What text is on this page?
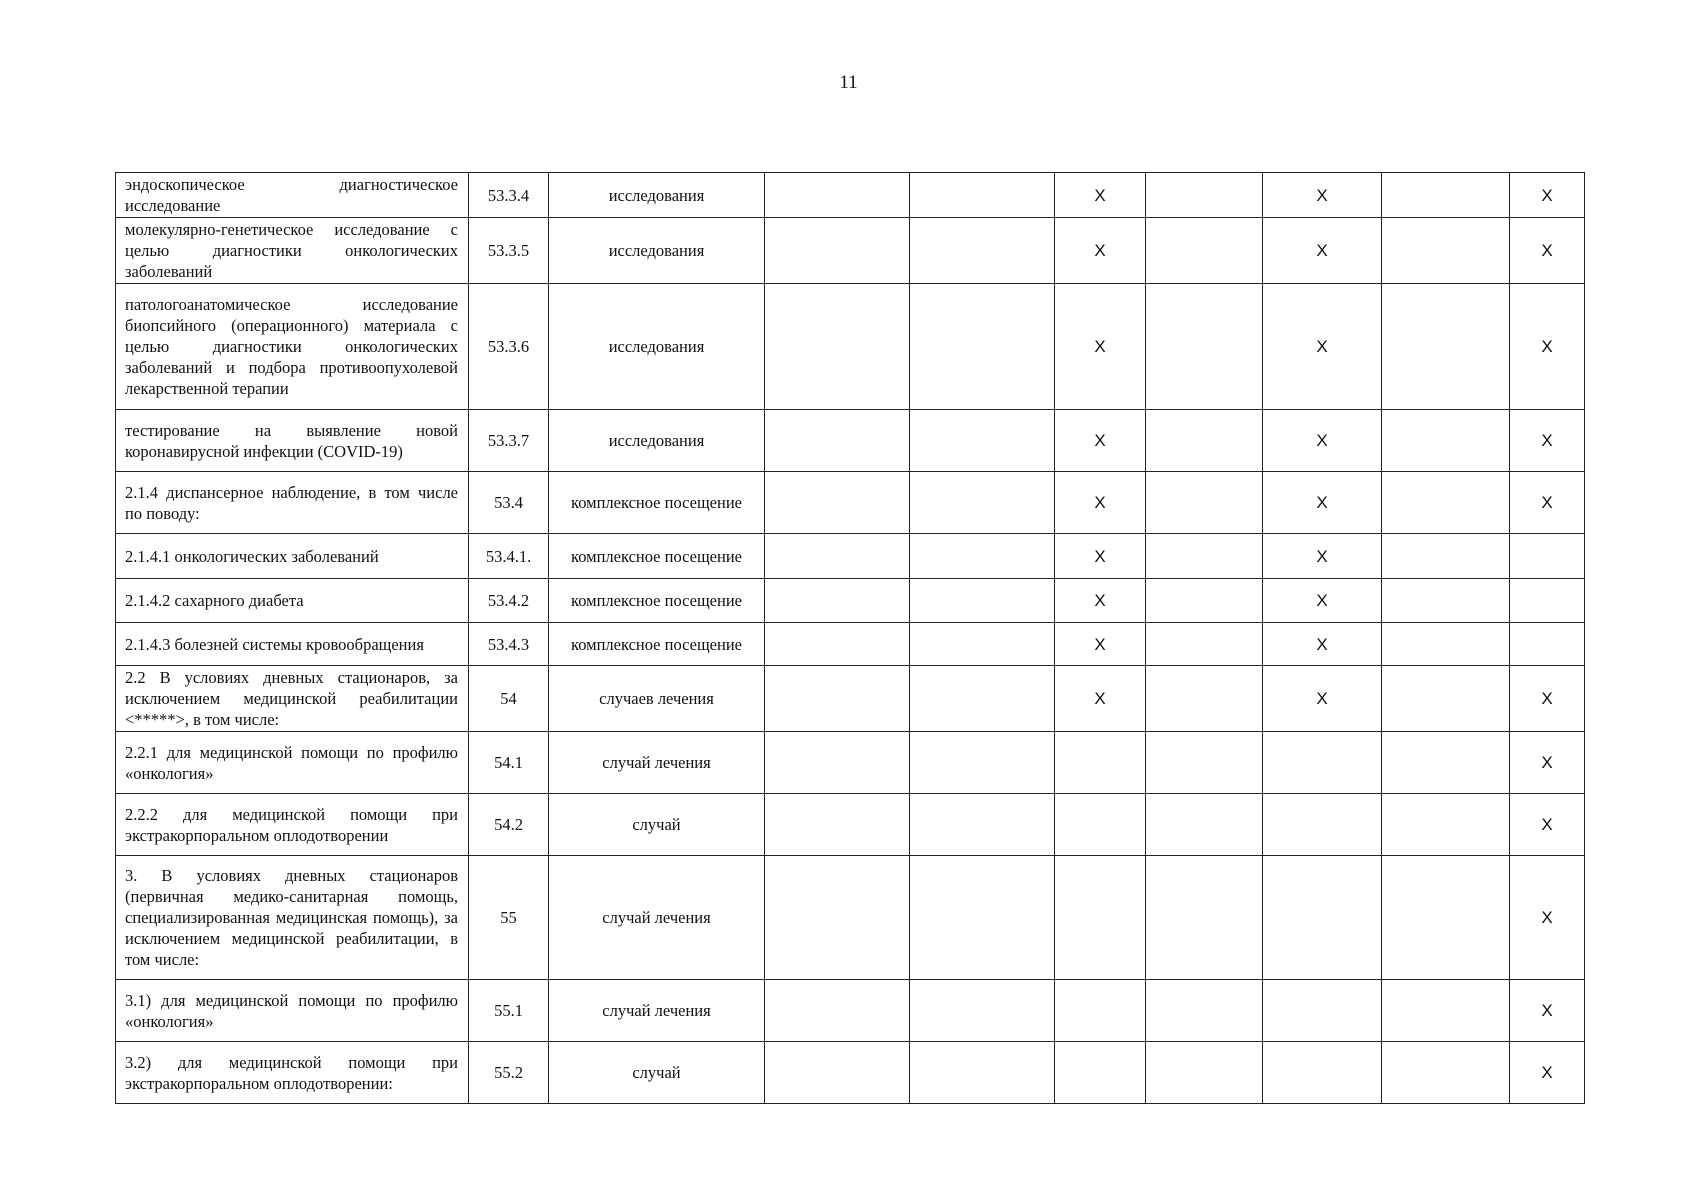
11
эндоскопическое диагностическое исследование	53.3.4	исследования			X		X		X
молекулярно-генетическое исследование с целью диагностики онкологических заболеваний	53.3.5	исследования			X		X		X
патологоанатомическое исследование биопсийного (операционного) материала с целью диагностики онкологических заболеваний и подбора противоопухолевой лекарственной терапии	53.3.6	исследования			X		X		X
тестирование на выявление новой коронавирусной инфекции (COVID-19)	53.3.7	исследования			X		X		X
2.1.4 диспансерное наблюдение, в том числе по поводу:	53.4	комплексное посещение			X		X		X
2.1.4.1 онкологических заболеваний	53.4.1.	комплексное посещение			X		X		
2.1.4.2 сахарного диабета	53.4.2	комплексное посещение			X		X		
2.1.4.3 болезней системы кровообращения	53.4.3	комплексное посещение			X		X		
2.2 В условиях дневных стационаров, за исключением медицинской реабилитации <*****>, в том числе:	54	случаев лечения			X		X		X
2.2.1 для медицинской помощи по профилю «онкология»	54.1	случай лечения							X
2.2.2 для медицинской помощи при экстракорпоральном оплодотворении	54.2	случай							X
3. В условиях дневных стационаров (первичная медико-санитарная помощь, специализированная медицинская помощь), за исключением медицинской реабилитации, в том числе:	55	случай лечения							X
3.1) для медицинской помощи по профилю «онкология»	55.1	случай лечения							X
3.2) для медицинской помощи при экстракорпоральном оплодотворении:	55.2	случай							X
